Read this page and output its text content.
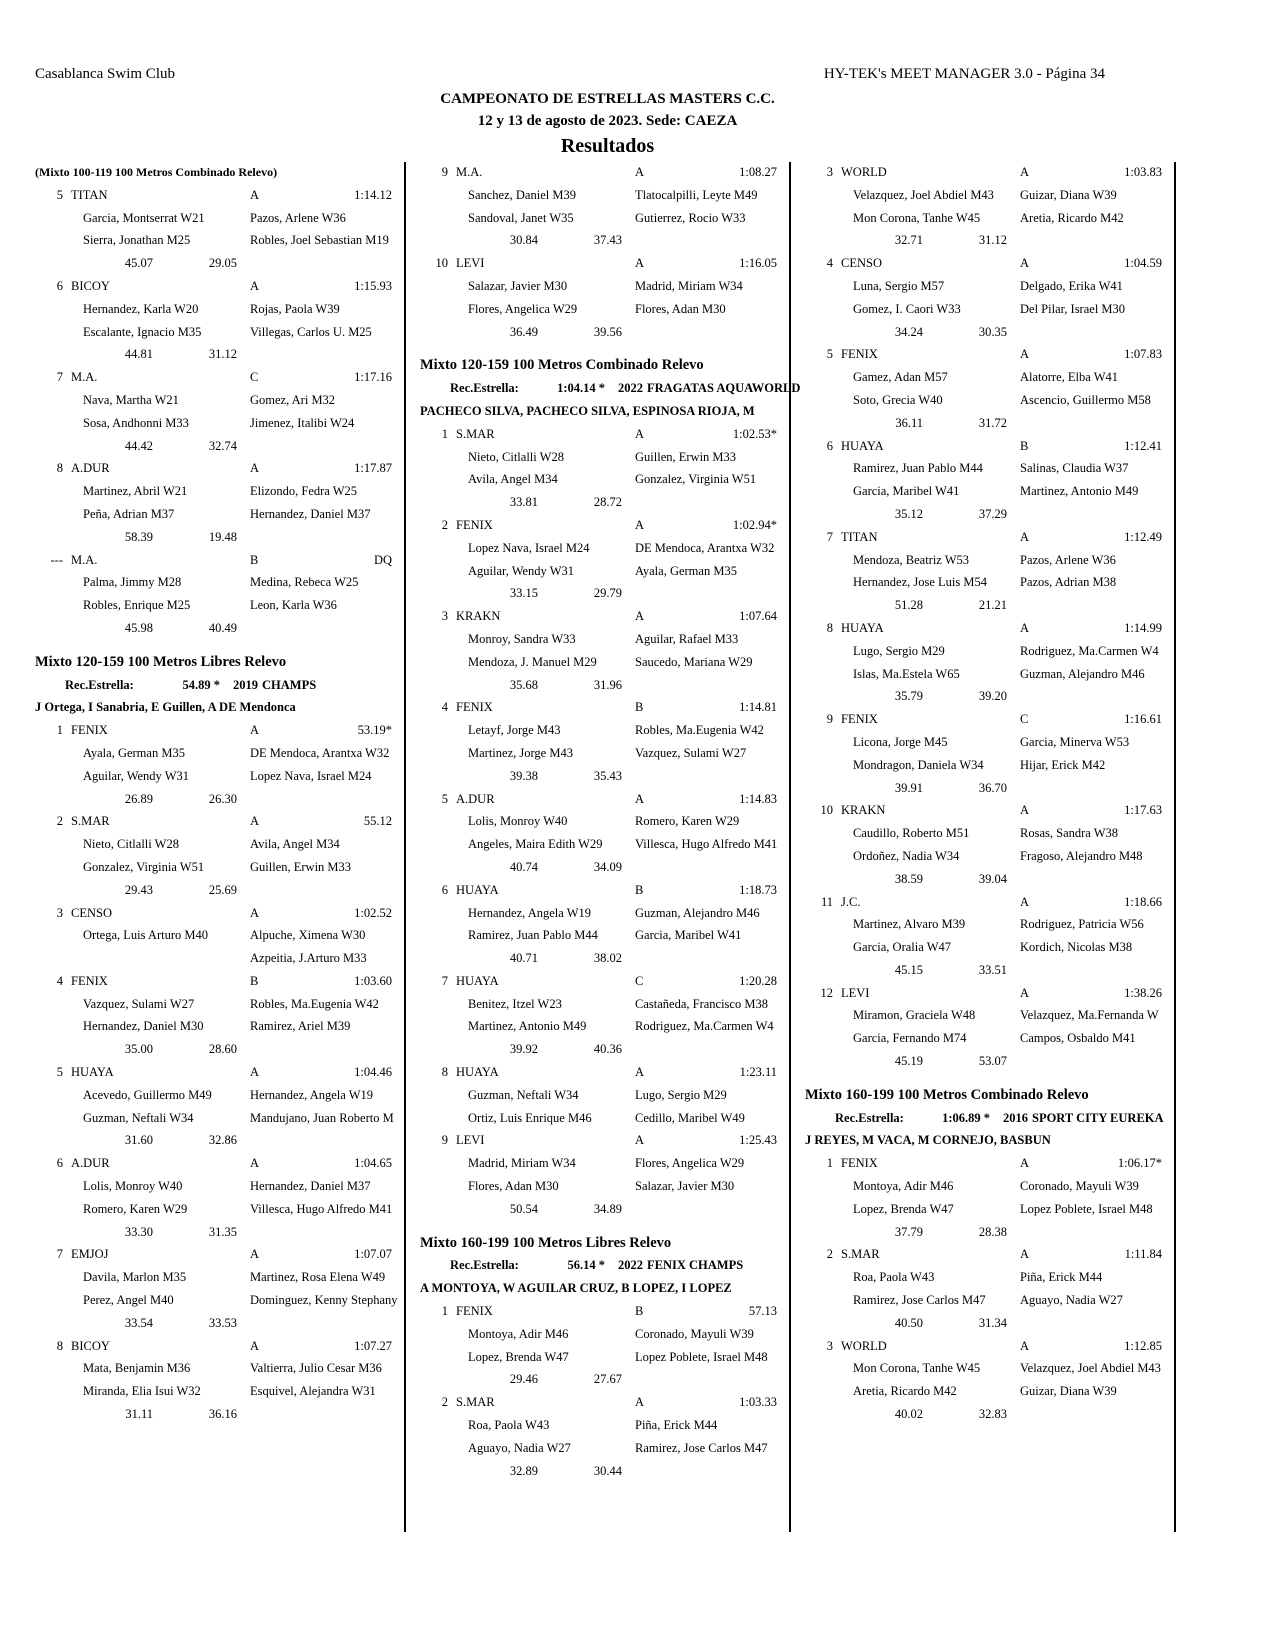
Casablanca Swim Club	HY-TEK's MEET MANAGER 3.0 - Página 34
CAMPEONATO DE ESTRELLAS MASTERS C.C.
12 y 13 de agosto de 2023. Sede: CAEZA
Resultados
(Mixto 100-119 100 Metros Combinado Relevo)
5 TITAN	A	1:14.12
Garcia, Montserrat W21	Pazos, Arlene W36
Sierra, Jonathan M25	Robles, Joel Sebastian M19
45.07	29.05
6 BICOY	A	1:15.93
Hernandez, Karla W20	Rojas, Paola W39
Escalante, Ignacio M35	Villegas, Carlos U. M25
44.81	31.12
7 M.A.	C	1:17.16
Nava, Martha W21	Gomez, Ari M32
Sosa, Andhonni M33	Jimenez, Italibi W24
44.42	32.74
8 A.DUR	A	1:17.87
Martinez, Abril W21	Elizondo, Fedra W25
Peña, Adrian M37	Hernandez, Daniel M37
58.39	19.48
--- M.A.	B	DQ
Palma, Jimmy M28	Medina, Rebeca W25
Robles, Enrique M25	Leon, Karla W36
45.98	40.49
Mixto 120-159 100 Metros Libres Relevo
Rec.Estrella:	54.89 * 2019 CHAMPS
J Ortega, I Sanabria, E Guillen, A DE Mendonca
1 FENIX	A	53.19*
Ayala, German M35	DE Mendoca, Arantxa W32
Aguilar, Wendy W31	Lopez Nava, Israel M24
26.89	26.30
2 S.MAR	A	55.12
Nieto, Citlalli W28	Avila, Angel M34
Gonzalez, Virginia W51	Guillen, Erwin M33
29.43	25.69
3 CENSO	A	1:02.52
Ortega, Luis Arturo M40	Alpuche, Ximena W30
Azpeitia, J.Arturo M33
4 FENIX	B	1:03.60
Vazquez, Sulami W27	Robles, Ma.Eugenia W42
Hernandez, Daniel M30	Ramirez, Ariel M39
35.00	28.60
5 HUAYA	A	1:04.46
Acevedo, Guillermo M49	Hernandez, Angela W19
Guzman, Neftali W34	Mandujano, Juan Roberto M
31.60	32.86
6 A.DUR	A	1:04.65
Lolis, Monroy W40	Hernandez, Daniel M37
Romero, Karen W29	Villesca, Hugo Alfredo M41
33.30	31.35
7 EMJOJ	A	1:07.07
Davila, Marlon M35	Martinez, Rosa Elena W49
Perez, Angel M40	Dominguez, Kenny Stephany
33.54	33.53
8 BICOY	A	1:07.27
Mata, Benjamin M36	Valtierra, Julio Cesar M36
Miranda, Elia Isui W32	Esquivel, Alejandra W31
31.11	36.16
9 M.A.	A	1:08.27
Sanchez, Daniel M39	Tlatocalpilli, Leyte M49
Sandoval, Janet W35	Gutierrez, Rocio W33
30.84	37.43
10 LEVI	A	1:16.05
Salazar, Javier M30	Madrid, Miriam W34
Flores, Angelica W29	Flores, Adan M30
36.49	39.56
Mixto 120-159 100 Metros Combinado Relevo
Rec.Estrella:	1:04.14 * 2022 FRAGATAS AQUAWORLD
PACHECO SILVA, PACHECO SILVA, ESPINOSA RIOJA, M
1 S.MAR	A	1:02.53*
Nieto, Citlalli W28	Guillen, Erwin M33
Avila, Angel M34	Gonzalez, Virginia W51
33.81	28.72
2 FENIX	A	1:02.94*
Lopez Nava, Israel M24	DE Mendoca, Arantxa W32
Aguilar, Wendy W31	Ayala, German M35
33.15	29.79
3 KRAKN	A	1:07.64
Monroy, Sandra W33	Aguilar, Rafael M33
Mendoza, J. Manuel M29	Saucedo, Mariana W29
35.68	31.96
4 FENIX	B	1:14.81
Letayf, Jorge M43	Robles, Ma.Eugenia W42
Martinez, Jorge M43	Vazquez, Sulami W27
39.38	35.43
5 A.DUR	A	1:14.83
Lolis, Monroy W40	Romero, Karen W29
Angeles, Maira Edith W29	Villesca, Hugo Alfredo M41
40.74	34.09
6 HUAYA	B	1:18.73
Hernandez, Angela W19	Guzman, Alejandro M46
Ramirez, Juan Pablo M44	Garcia, Maribel W41
40.71	38.02
7 HUAYA	C	1:20.28
Benitez, Itzel W23	Castañeda, Francisco M38
Martinez, Antonio M49	Rodriguez, Ma.Carmen W4
39.92	40.36
8 HUAYA	A	1:23.11
Guzman, Neftali W34	Lugo, Sergio M29
Ortiz, Luis Enrique M46	Cedillo, Maribel W49
9 LEVI	A	1:25.43
Madrid, Miriam W34	Flores, Angelica W29
Flores, Adan M30	Salazar, Javier M30
50.54	34.89
Mixto 160-199 100 Metros Libres Relevo
Rec.Estrella:	56.14 * 2022 FENIX CHAMPS
A MONTOYA, W AGUILAR CRUZ, B LOPEZ, I LOPEZ
1 FENIX	B	57.13
Montoya, Adir M46	Coronado, Mayuli W39
Lopez, Brenda W47	Lopez Poblete, Israel M48
29.46	27.67
2 S.MAR	A	1:03.33
Roa, Paola W43	Piña, Erick M44
Aguayo, Nadia W27	Ramirez, Jose Carlos M47
32.89	30.44
3 WORLD	A	1:03.83
Velazquez, Joel Abdiel M43	Guizar, Diana W39
Mon Corona, Tanhe W45	Aretia, Ricardo M42
32.71	31.12
4 CENSO	A	1:04.59
Luna, Sergio M57	Delgado, Erika W41
Gomez, I. Caori W33	Del Pilar, Israel M30
34.24	30.35
5 FENIX	A	1:07.83
Gamez, Adan M57	Alatorre, Elba W41
Soto, Grecia W40	Ascencio, Guillermo M58
36.11	31.72
6 HUAYA	B	1:12.41
Ramirez, Juan Pablo M44	Salinas, Claudia W37
Garcia, Maribel W41	Martinez, Antonio M49
35.12	37.29
7 TITAN	A	1:12.49
Mendoza, Beatriz W53	Pazos, Arlene W36
Hernandez, Jose Luis M54	Pazos, Adrian M38
51.28	21.21
8 HUAYA	A	1:14.99
Lugo, Sergio M29	Rodriguez, Ma.Carmen W4
Islas, Ma.Estela W65	Guzman, Alejandro M46
35.79	39.20
9 FENIX	C	1:16.61
Licona, Jorge M45	Garcia, Minerva W53
Mondragon, Daniela W34	Hijar, Erick M42
39.91	36.70
10 KRAKN	A	1:17.63
Caudillo, Roberto M51	Rosas, Sandra W38
Ordoñez, Nadia W34	Fragoso, Alejandro M48
38.59	39.04
11 J.C.	A	1:18.66
Martinez, Alvaro M39	Rodriguez, Patricia W56
Garcia, Oralia W47	Kordich, Nicolas M38
45.15	33.51
12 LEVI	A	1:38.26
Miramon, Graciela W48	Velazquez, Ma.Fernanda W
Garcia, Fernando M74	Campos, Osbaldo M41
45.19	53.07
Mixto 160-199 100 Metros Combinado Relevo
Rec.Estrella:	1:06.89 * 2016 SPORT CITY EUREKA
J REYES, M VACA, M CORNEJO, BASBUN
1 FENIX	A	1:06.17*
Montoya, Adir M46	Coronado, Mayuli W39
Lopez, Brenda W47	Lopez Poblete, Israel M48
37.79	28.38
2 S.MAR	A	1:11.84
Roa, Paola W43	Piña, Erick M44
Ramirez, Jose Carlos M47	Aguayo, Nadia W27
40.50	31.34
3 WORLD	A	1:12.85
Mon Corona, Tanhe W45	Velazquez, Joel Abdiel M43
Aretia, Ricardo M42	Guizar, Diana W39
40.02	32.83
